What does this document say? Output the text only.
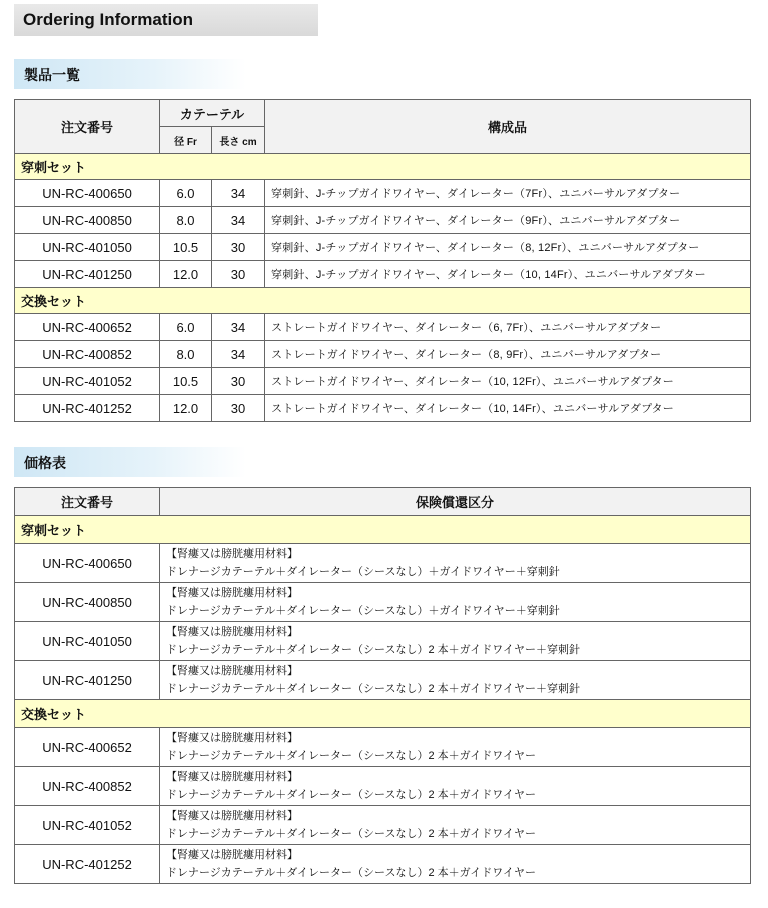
Ordering Information
製品一覧
注文番号	カテーテル		構成品
	径 Fr	長さ cm	
穿刺セット			
UN-RC-400650	6.0	34	穿刺針、J-チップガイドワイヤー、ダイレーター（7Fr）、ユニバーサルアダプター
UN-RC-400850	8.0	34	穿刺針、J-チップガイドワイヤー、ダイレーター（9Fr）、ユニバーサルアダプター
UN-RC-401050	10.5	30	穿刺針、J-チップガイドワイヤー、ダイレーター（8, 12Fr）、ユニバーサルアダプター
UN-RC-401250	12.0	30	穿刺針、J-チップガイドワイヤー、ダイレーター（10, 14Fr）、ユニバーサルアダプター
交換セット			
UN-RC-400652	6.0	34	ストレートガイドワイヤー、ダイレーター（6, 7Fr）、ユニバーサルアダプター
UN-RC-400852	8.0	34	ストレートガイドワイヤー、ダイレーター（8, 9Fr）、ユニバーサルアダプター
UN-RC-401052	10.5	30	ストレートガイドワイヤー、ダイレーター（10, 12Fr）、ユニバーサルアダプター
UN-RC-401252	12.0	30	ストレートガイドワイヤー、ダイレーター（10, 14Fr）、ユニバーサルアダプター
価格表
注文番号	保険償還区分
穿刺セット	
UN-RC-400650	【腎瘻又は膀胱瘻用材料】
ドレナージカテーテル＋ダイレーター（シースなし）＋ガイドワイヤー＋穿刺針

UN-RC-400850	【腎瘻又は膀胱瘻用材料】
ドレナージカテーテル＋ダイレーター（シースなし）＋ガイドワイヤー＋穿刺針

UN-RC-401050	【腎瘻又は膀胱瘻用材料】
ドレナージカテーテル＋ダイレーター（シースなし）2 本＋ガイドワイヤー＋穿刺針

UN-RC-401250	【腎瘻又は膀胱瘻用材料】
ドレナージカテーテル＋ダイレーター（シースなし）2 本＋ガイドワイヤー＋穿刺針

交換セット	
UN-RC-400652	【腎瘻又は膀胱瘻用材料】
ドレナージカテーテル＋ダイレーター（シースなし）2 本＋ガイドワイヤー

UN-RC-400852	【腎瘻又は膀胱瘻用材料】
ドレナージカテーテル＋ダイレーター（シースなし）2 本＋ガイドワイヤー

UN-RC-401052	【腎瘻又は膀胱瘻用材料】
ドレナージカテーテル＋ダイレーター（シースなし）2 本＋ガイドワイヤー

UN-RC-401252	【腎瘻又は膀胱瘻用材料】
ドレナージカテーテル＋ダイレーター（シースなし）2 本＋ガイドワイヤー
